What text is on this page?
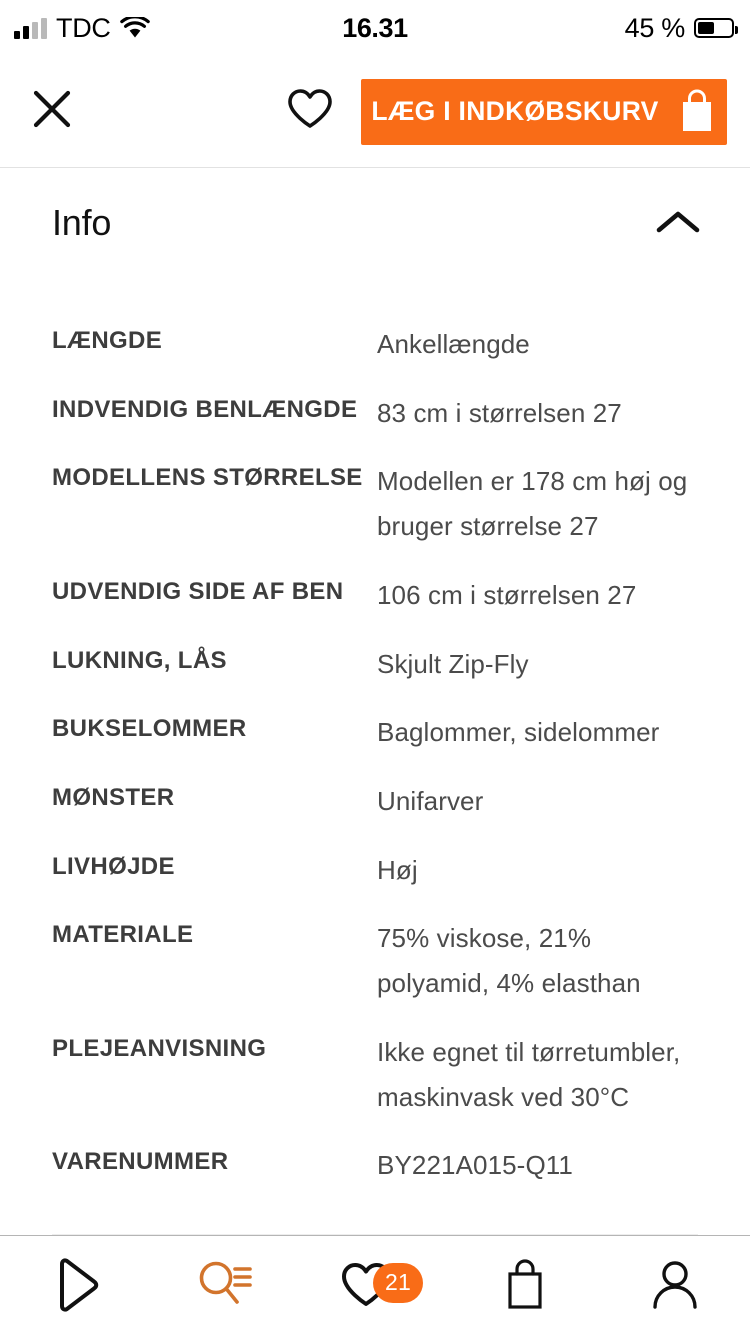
TDC	16.31	45 %
LÆG I INDKØBSKURV
Info
LÆNGDE	Ankellængde
INDVENDIG BENLÆNGDE 83 cm i størrelsen 27
MODELLENS STØRRELSE Modellen er 178 cm høj og bruger størrelse 27
UDVENDIG SIDE AF BEN	106 cm i størrelsen 27
LUKNING, LÅS	Skjult Zip-Fly
BUKSELOMMER	Baglommer, sidelommer
MØNSTER	Unifarver
LIVHØJDE	Høj
MATERIALE	75% viskose, 21% polyamid, 4% elasthan
PLEJEANVISNING	Ikke egnet til tørretumbler, maskinvask ved 30°C
VARENUMMER	BY221A015-Q11
21
